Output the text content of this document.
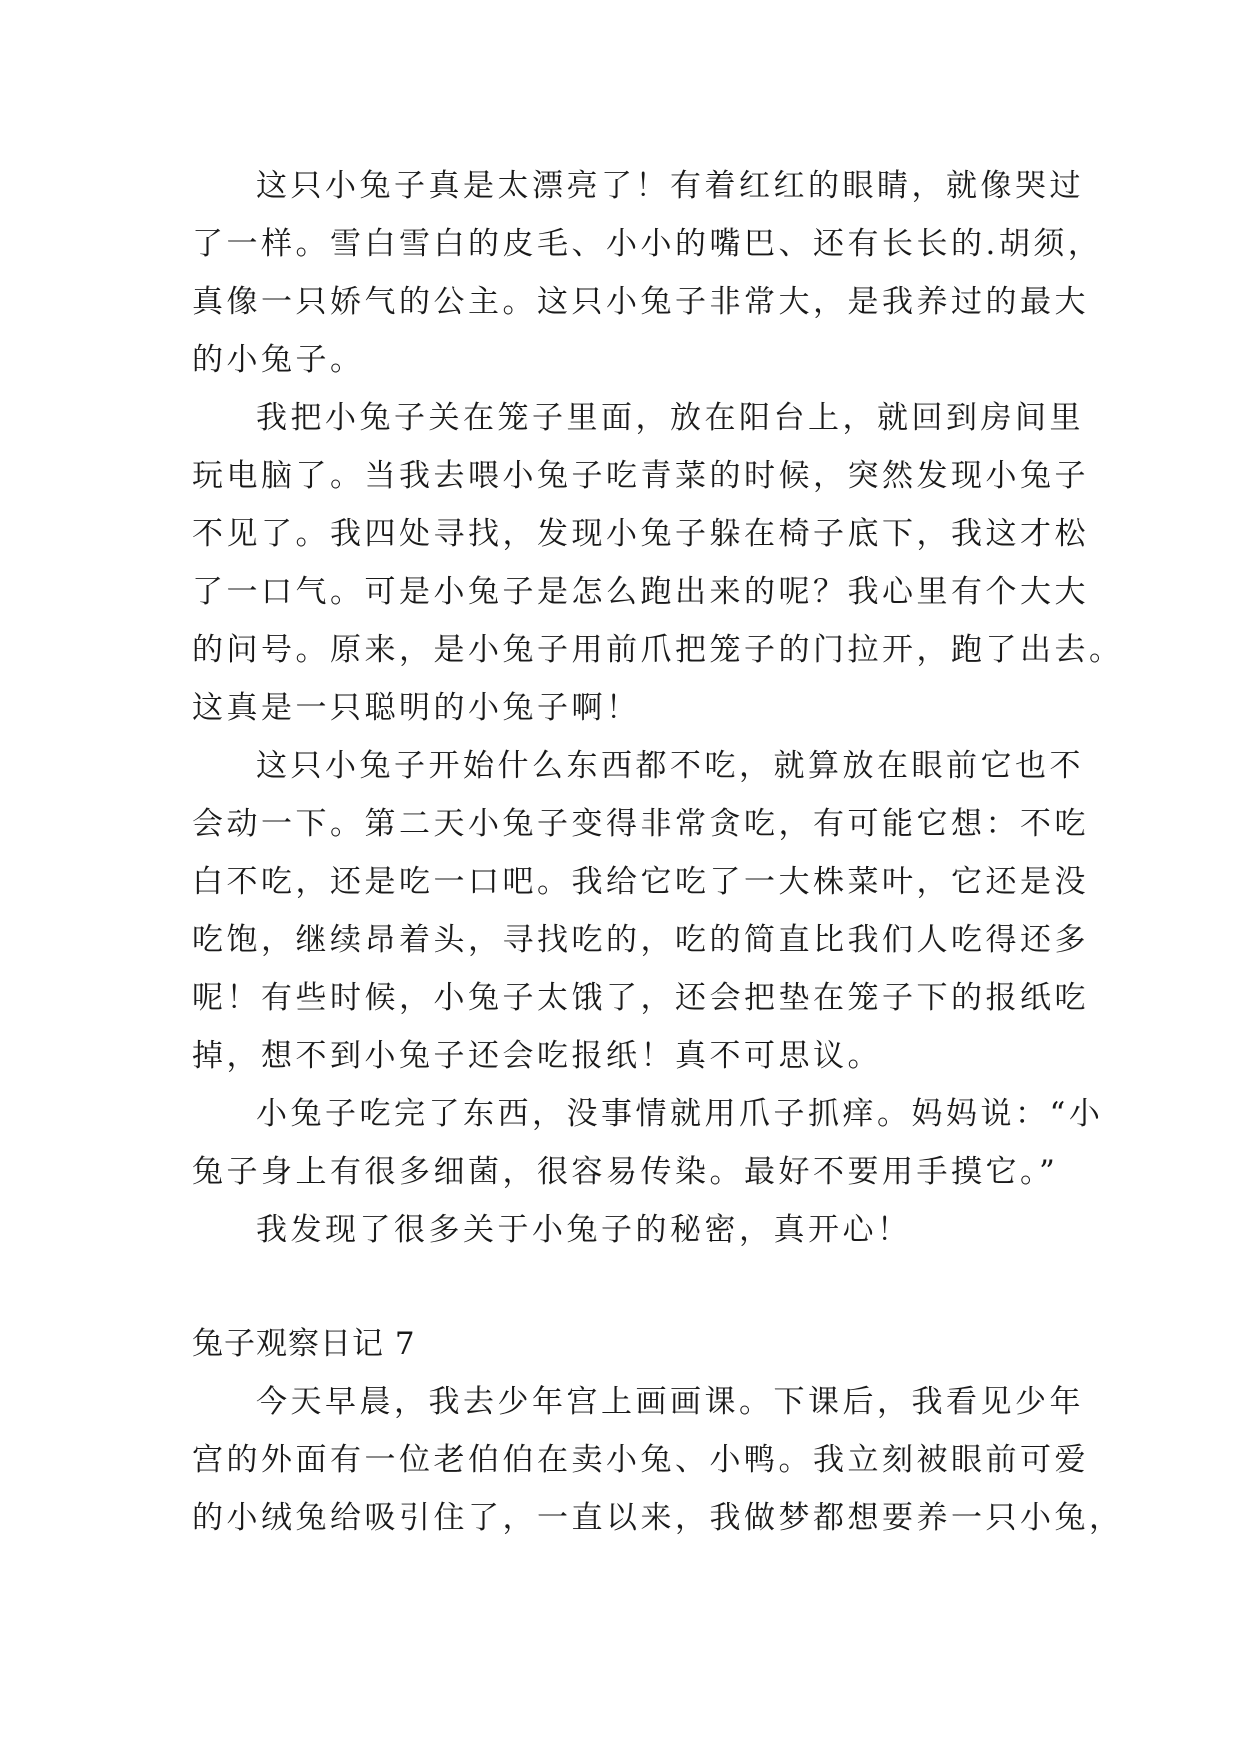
这只小兔子真是太漂亮了！有着红红的眼睛，就像哭过
了一样。雪白雪白的皮毛、小小的嘴巴、还有长长的.胡须，
真像一只娇气的公主。这只小兔子非常大，是我养过的最大
的小兔子。
我把小兔子关在笼子里面，放在阳台上，就回到房间里
玩电脑了。当我去喂小兔子吃青菜的时候，突然发现小兔子
不见了。我四处寻找，发现小兔子躲在椅子底下，我这才松
了一口气。可是小兔子是怎么跑出来的呢？我心里有个大大
的问号。原来，是小兔子用前爪把笼子的门拉开，跑了出去。
这真是一只聪明的小兔子啊！
这只小兔子开始什么东西都不吃，就算放在眼前它也不
会动一下。第二天小兔子变得非常贪吃，有可能它想：不吃
白不吃，还是吃一口吧。我给它吃了一大株菜叶，它还是没
吃饱，继续昂着头，寻找吃的，吃的简直比我们人吃得还多
呢！有些时候，小兔子太饿了，还会把垫在笼子下的报纸吃
掉，想不到小兔子还会吃报纸！真不可思议。
小兔子吃完了东西，没事情就用爪子抓痒。妈妈说：“小
兔子身上有很多细菌，很容易传染。最好不要用手摸它。”
我发现了很多关于小兔子的秘密，真开心！
兔子观察日记 7
今天早晨，我去少年宫上画画课。下课后，我看见少年
宫的外面有一位老伯伯在卖小兔、小鸭。我立刻被眼前可爱
的小绒兔给吸引住了，一直以来，我做梦都想要养一只小兔，
